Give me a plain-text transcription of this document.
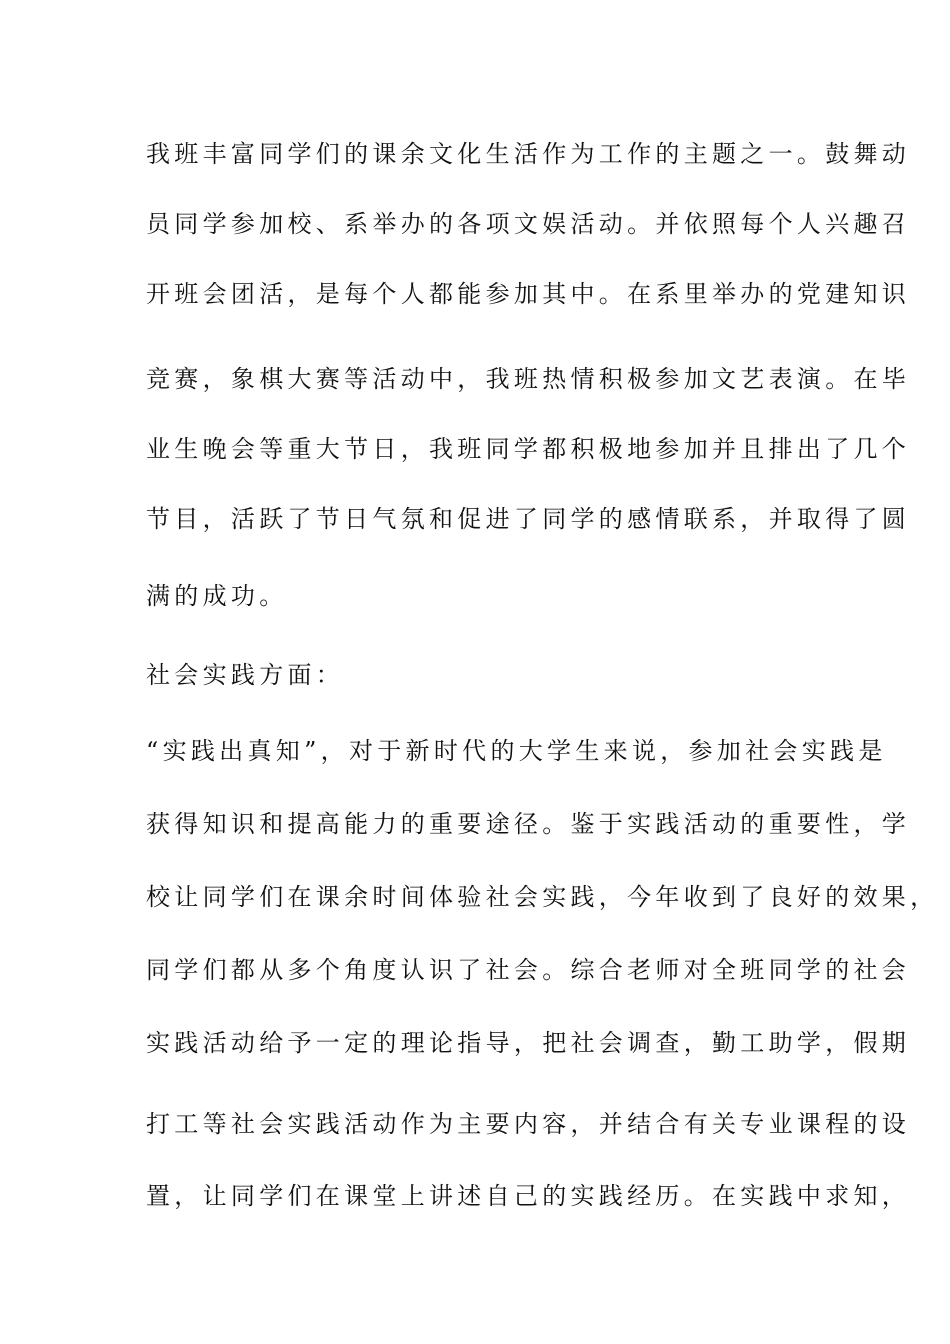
我班丰富同学们的课余文化生活作为工作的主题之一。鼓舞动
员同学参加校、系举办的各项文娱活动。并依照每个人兴趣召
开班会团活，是每个人都能参加其中。在系里举办的党建知识
竞赛，象棋大赛等活动中，我班热情积极参加文艺表演。在毕
业生晚会等重大节日，我班同学都积极地参加并且排出了几个
节目，活跃了节日气氛和促进了同学的感情联系，并取得了圆
满的成功。
社会实践方面：
“实践出真知”，对于新时代的大学生来说，参加社会实践是
获得知识和提高能力的重要途径。鉴于实践活动的重要性，学
校让同学们在课余时间体验社会实践，今年收到了良好的效果，
同学们都从多个角度认识了社会。综合老师对全班同学的社会
实践活动给予一定的理论指导，把社会调查，勤工助学，假期
打工等社会实践活动作为主要内容，并结合有关专业课程的设
置，让同学们在课堂上讲述自己的实践经历。在实践中求知，
